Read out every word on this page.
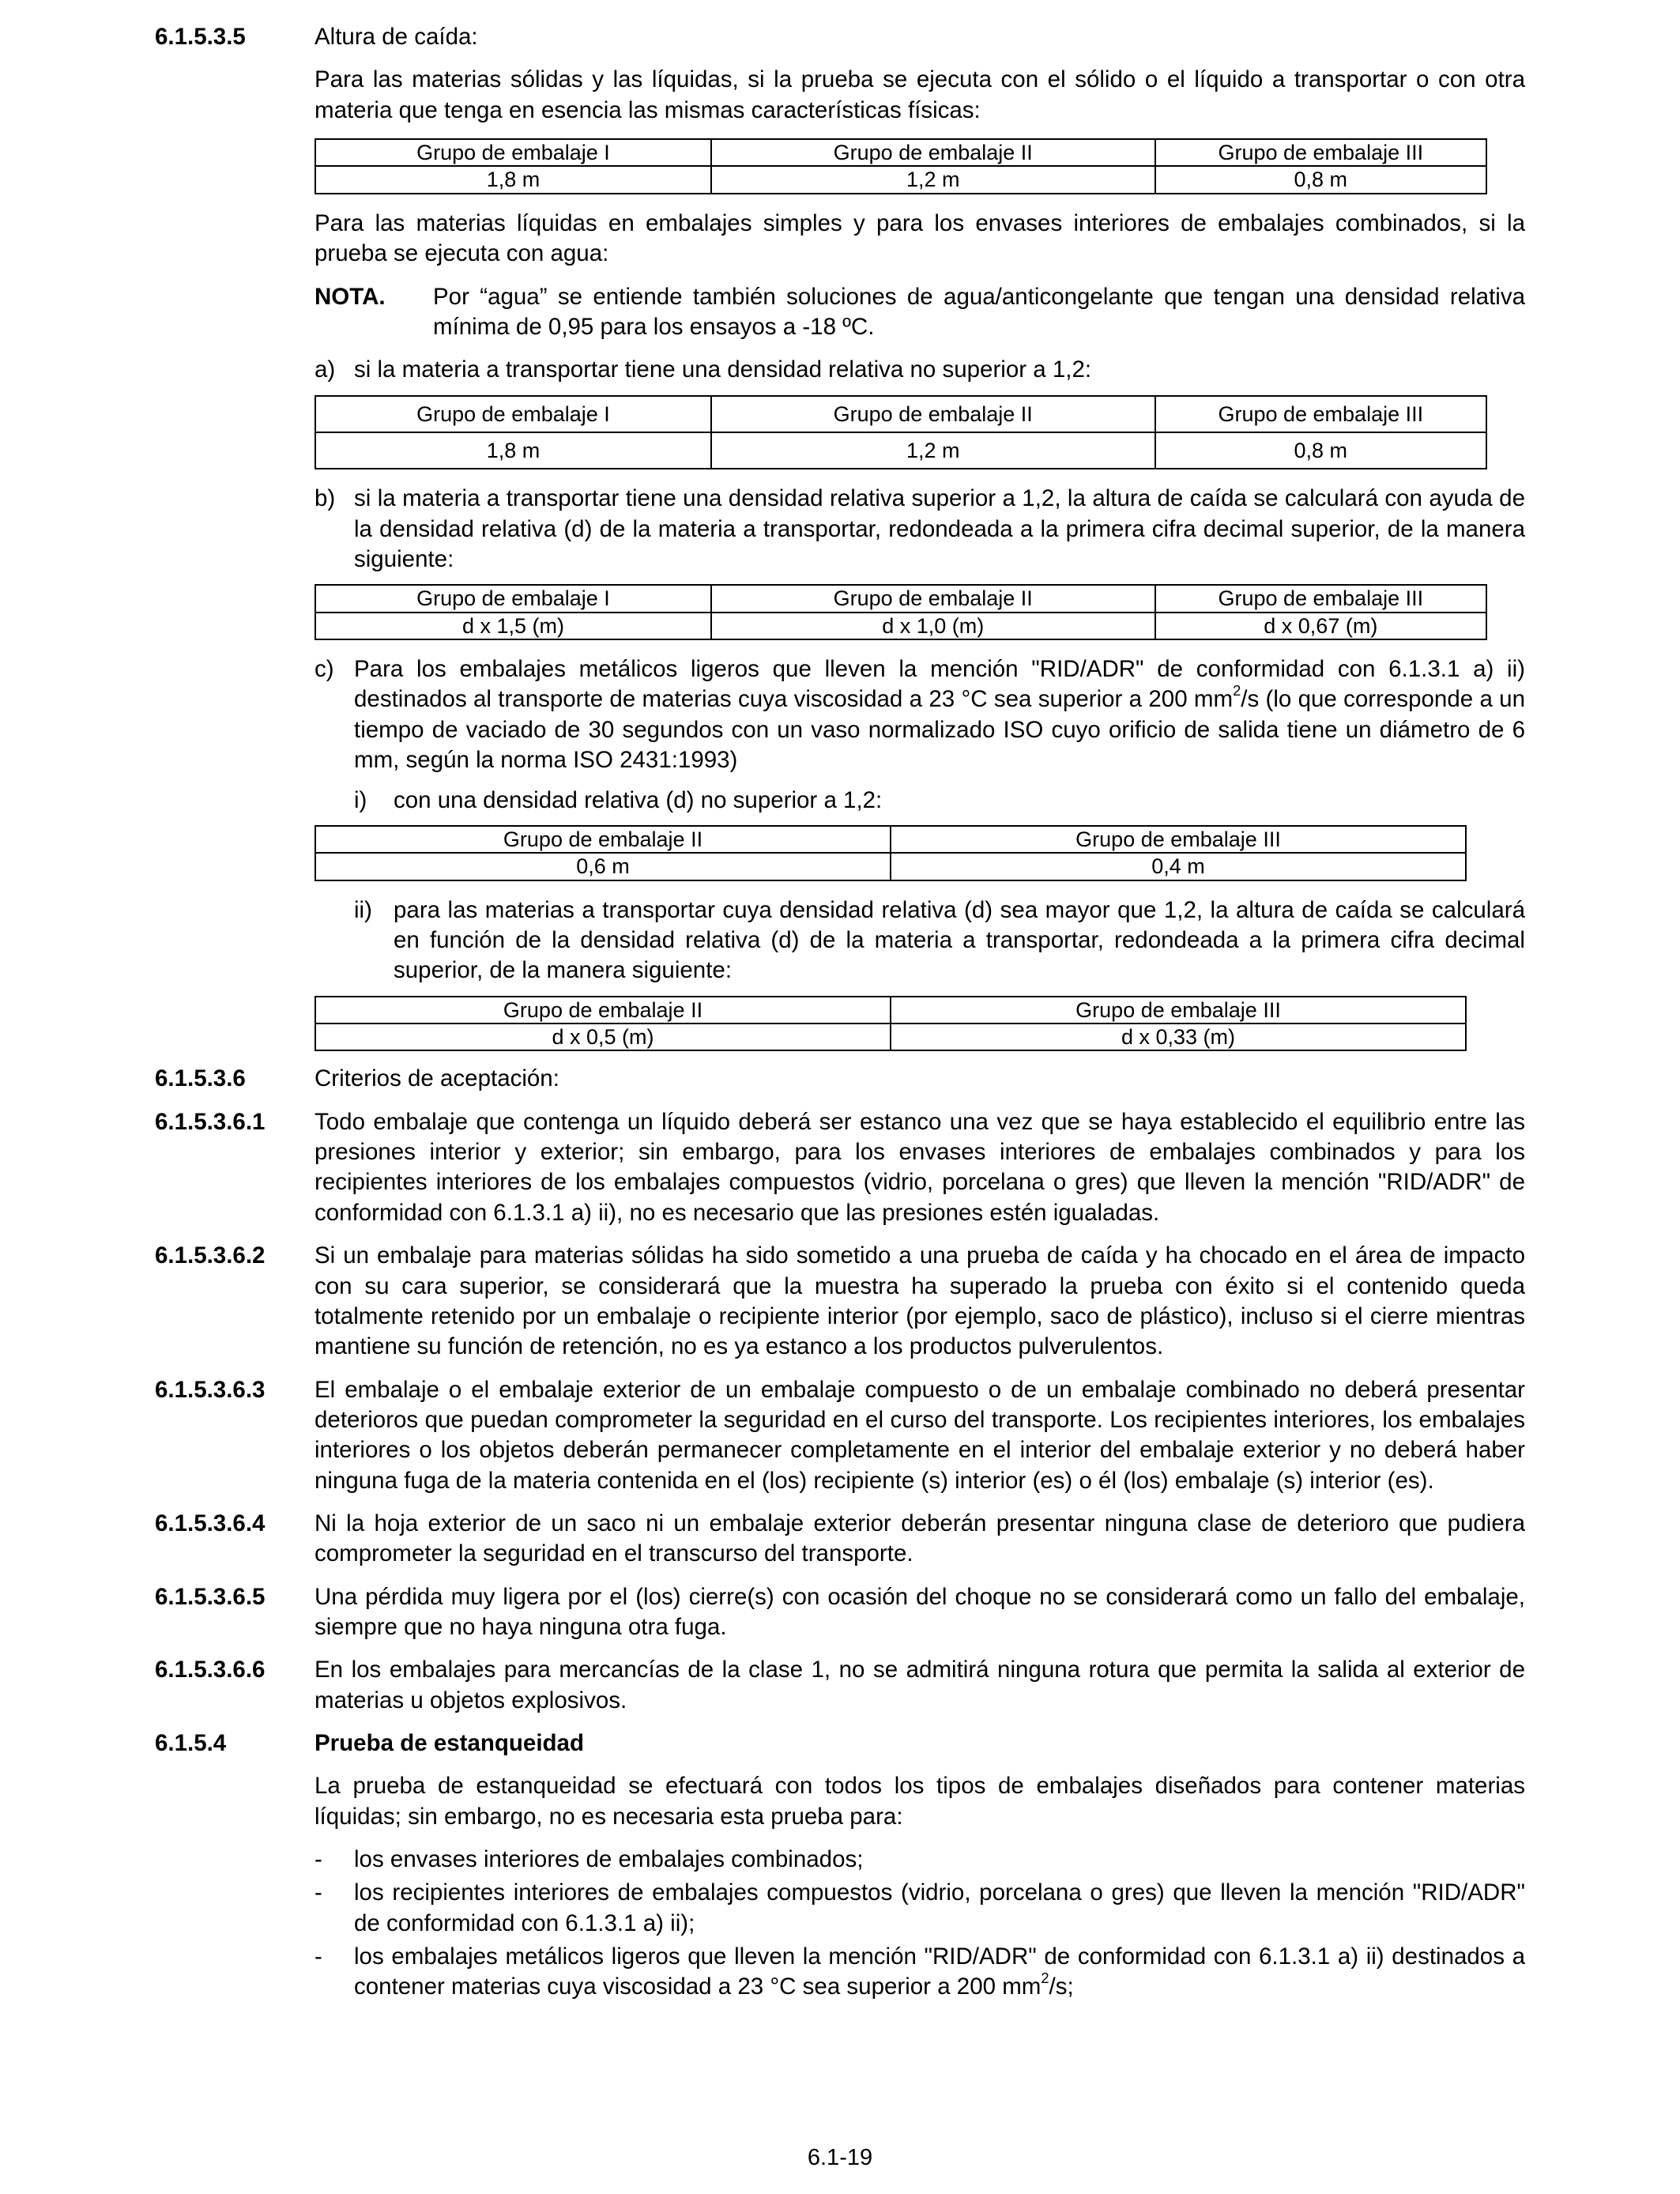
6.1.5.3.5	Altura de caída:

Para las materias sólidas y las líquidas, si la prueba se ejecuta con el sólido o el líquido a transportar o con otra materia que tenga en esencia las mismas características físicas:

Grupo de embalaje I	Grupo de embalaje II	Grupo de embalaje III
1,8 m	1,2 m	0,8 m

Para las materias líquidas en embalajes simples y para los envases interiores de embalajes combinados, si la prueba se ejecuta con agua:

NOTA. Por “agua” se entiende también soluciones de agua/anticongelante que tengan una densidad relativa mínima de 0,95 para los ensayos a -18 ºC.
a) si la materia a transportar tiene una densidad relativa no superior a 1,2:
Grupo de embalaje I	Grupo de embalaje II	Grupo de embalaje III
1,8 m	1,2 m	0,8 m
b) si la materia a transportar tiene una densidad relativa superior a 1,2, la altura de caída se calculará con ayuda de la densidad relativa (d) de la materia a transportar, redondeada a la primera cifra decimal superior, de la manera siguiente:
Grupo de embalaje I	Grupo de embalaje II	Grupo de embalaje III
d x 1,5 (m)	d x 1,0 (m)	d x 0,67 (m)
c) Para los embalajes metálicos ligeros que lleven la mención "RID/ADR" de conformidad con 6.1.3.1 a) ii) destinados al transporte de materias cuya viscosidad a 23 °C sea superior a 200 $mm^2/s$ (lo que corresponde a un tiempo de vaciado de 30 segundos con un vaso normalizado ISO cuyo orificio de salida tiene un diámetro de 6 mm, según la norma ISO 2431:1993)
i) con una densidad relativa (d) no superior a 1,2:
Grupo de embalaje II	Grupo de embalaje III
0,6 m	0,4 m
ii) para las materias a transportar cuya densidad relativa (d) sea mayor que 1,2, la altura de caída se calculará en función de la densidad relativa (d) de la materia a transportar, redondeada a la primera cifra decimal superior, de la manera siguiente:
Grupo de embalaje II	Grupo de embalaje III
d x 0,5 (m)	d x 0,33 (m)
6.1.5.3.6	Criterios de aceptación:
6.1.5.3.6.1 Todo embalaje que contenga un líquido deberá ser estanco una vez que se haya establecido el equilibrio entre las presiones interior y exterior; sin embargo, para los envases interiores de embalajes combinados y para los recipientes interiores de los embalajes compuestos (vidrio, porcelana o gres) que lleven la mención "RID/ADR" de conformidad con 6.1.3.1 a) ii), no es necesario que las presiones estén igualadas.

6.1.5.3.6.2 Si un embalaje para materias sólidas ha sido sometido a una prueba de caída y ha chocado en el área de impacto con su cara superior, se considerará que la muestra ha superado la prueba con éxito si el contenido queda totalmente retenido por un embalaje o recipiente interior (por ejemplo, saco de plástico), incluso si el cierre mientras mantiene su función de retención, no es ya estanco a los productos pulverulentos.

6.1.5.3.6.3 El embalaje o el embalaje exterior de un embalaje compuesto o de un embalaje combinado no deberá presentar deterioros que puedan comprometer la seguridad en el curso del transporte. Los recipientes interiores, los embalajes interiores o los objetos deberán permanecer completamente en el interior del embalaje exterior y no deberá haber ninguna fuga de la materia contenida en el (los) recipiente (s) interior (es) o él (los) embalaje (s) interior (es).

6.1.5.3.6.4 Ni la hoja exterior de un saco ni un embalaje exterior deberán presentar ninguna clase de deterioro que pudiera comprometer la seguridad en el transcurso del transporte.

6.1.5.3.6.5 Una pérdida muy ligera por el (los) cierre(s) con ocasión del choque no se considerará como un fallo del embalaje, siempre que no haya ninguna otra fuga.

6.1.5.3.6.6 En los embalajes para mercancías de la clase 1, no se admitirá ninguna rotura que permita la salida al exterior de materias u objetos explosivos.

6.1.5.4	Prueba de estanqueidad

La prueba de estanqueidad se efectuará con todos los tipos de embalajes diseñados para contener materias líquidas; sin embargo, no es necesaria esta prueba para:

- los envases interiores de embalajes combinados;
- los recipientes interiores de embalajes compuestos (vidrio, porcelana o gres) que lleven la mención "RID/ADR" de conformidad con 6.1.3.1 a) ii);
- los embalajes metálicos ligeros que lleven la mención "RID/ADR" de conformidad con 6.1.3.1 a) ii) destinados a contener materias cuya viscosidad a 23 °C sea superior a 200 $mm^2/s$;
6.1-19
